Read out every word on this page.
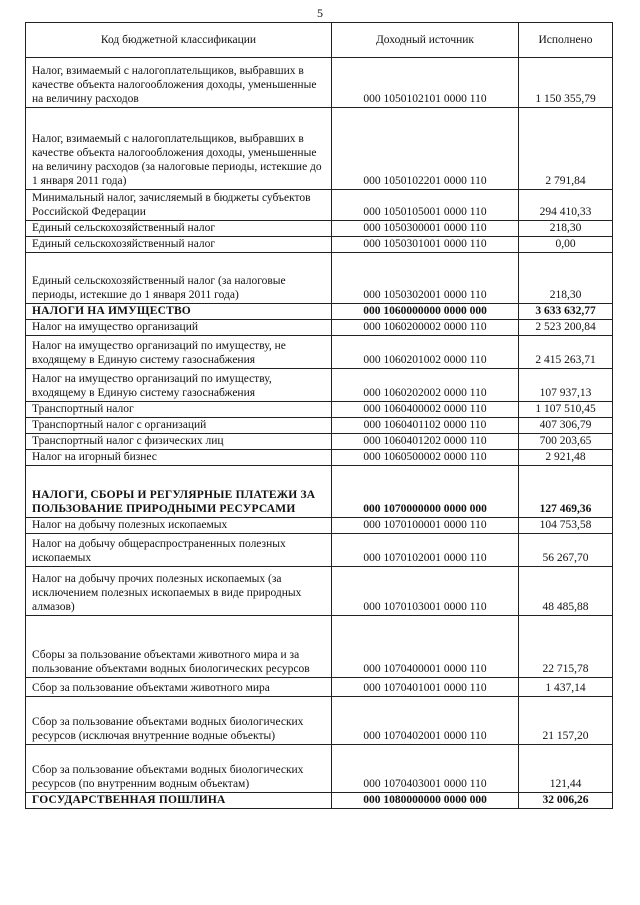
5
Код бюджетной классификации	Доходный источник	Исполнено
Налог, взимаемый с налогоплательщиков, выбравших в качестве объекта налогообложения доходы, уменьшенные на величину расходов	000 1050102101 0000 110	1 150 355,79
Налог, взимаемый с налогоплательщиков, выбравших в качестве объекта налогообложения доходы, уменьшенные на величину расходов (за налоговые периоды, истекшие до 1 января 2011 года)	000 1050102201 0000 110	2 791,84
Минимальный налог, зачисляемый в бюджеты субъектов Российской Федерации	000 1050105001 0000 110	294 410,33
Единый сельскохозяйственный налог	000 1050300001 0000 110	218,30
Единый сельскохозяйственный налог	000 1050301001 0000 110	0,00
Единый сельскохозяйственный налог (за налоговые периоды, истекшие до 1 января 2011 года)	000 1050302001 0000 110	218,30
НАЛОГИ НА ИМУЩЕСТВО	000 1060000000 0000 000	3 633 632,77
Налог на имущество организаций	000 1060200002 0000 110	2 523 200,84
Налог на имущество организаций по имуществу, не входящему в Единую систему газоснабжения	000 1060201002 0000 110	2 415 263,71
Налог на имущество организаций по имуществу, входящему в Единую систему газоснабжения	000 1060202002 0000 110	107 937,13
Транспортный налог	000 1060400002 0000 110	1 107 510,45
Транспортный налог с организаций	000 1060401102 0000 110	407 306,79
Транспортный налог с физических лиц	000 1060401202 0000 110	700 203,65
Налог на игорный бизнес	000 1060500002 0000 110	2 921,48
НАЛОГИ, СБОРЫ И РЕГУЛЯРНЫЕ ПЛАТЕЖИ ЗА ПОЛЬЗОВАНИЕ ПРИРОДНЫМИ РЕСУРСАМИ	000 1070000000 0000 000	127 469,36
Налог на добычу полезных ископаемых	000 1070100001 0000 110	104 753,58
Налог на добычу общераспространенных полезных ископаемых	000 1070102001 0000 110	56 267,70
Налог на добычу прочих полезных ископаемых (за исключением полезных ископаемых в виде природных алмазов)	000 1070103001 0000 110	48 485,88
Сборы за пользование объектами животного мира и за пользование объектами водных биологических ресурсов	000 1070400001 0000 110	22 715,78
Сбор за пользование объектами животного мира	000 1070401001 0000 110	1 437,14
Сбор за пользование объектами водных биологических ресурсов (исключая внутренние водные объекты)	000 1070402001 0000 110	21 157,20
Сбор за пользование объектами водных биологических ресурсов (по внутренним водным объектам)	000 1070403001 0000 110	121,44
ГОСУДАРСТВЕННАЯ ПОШЛИНА	000 1080000000 0000 000	32 006,26
